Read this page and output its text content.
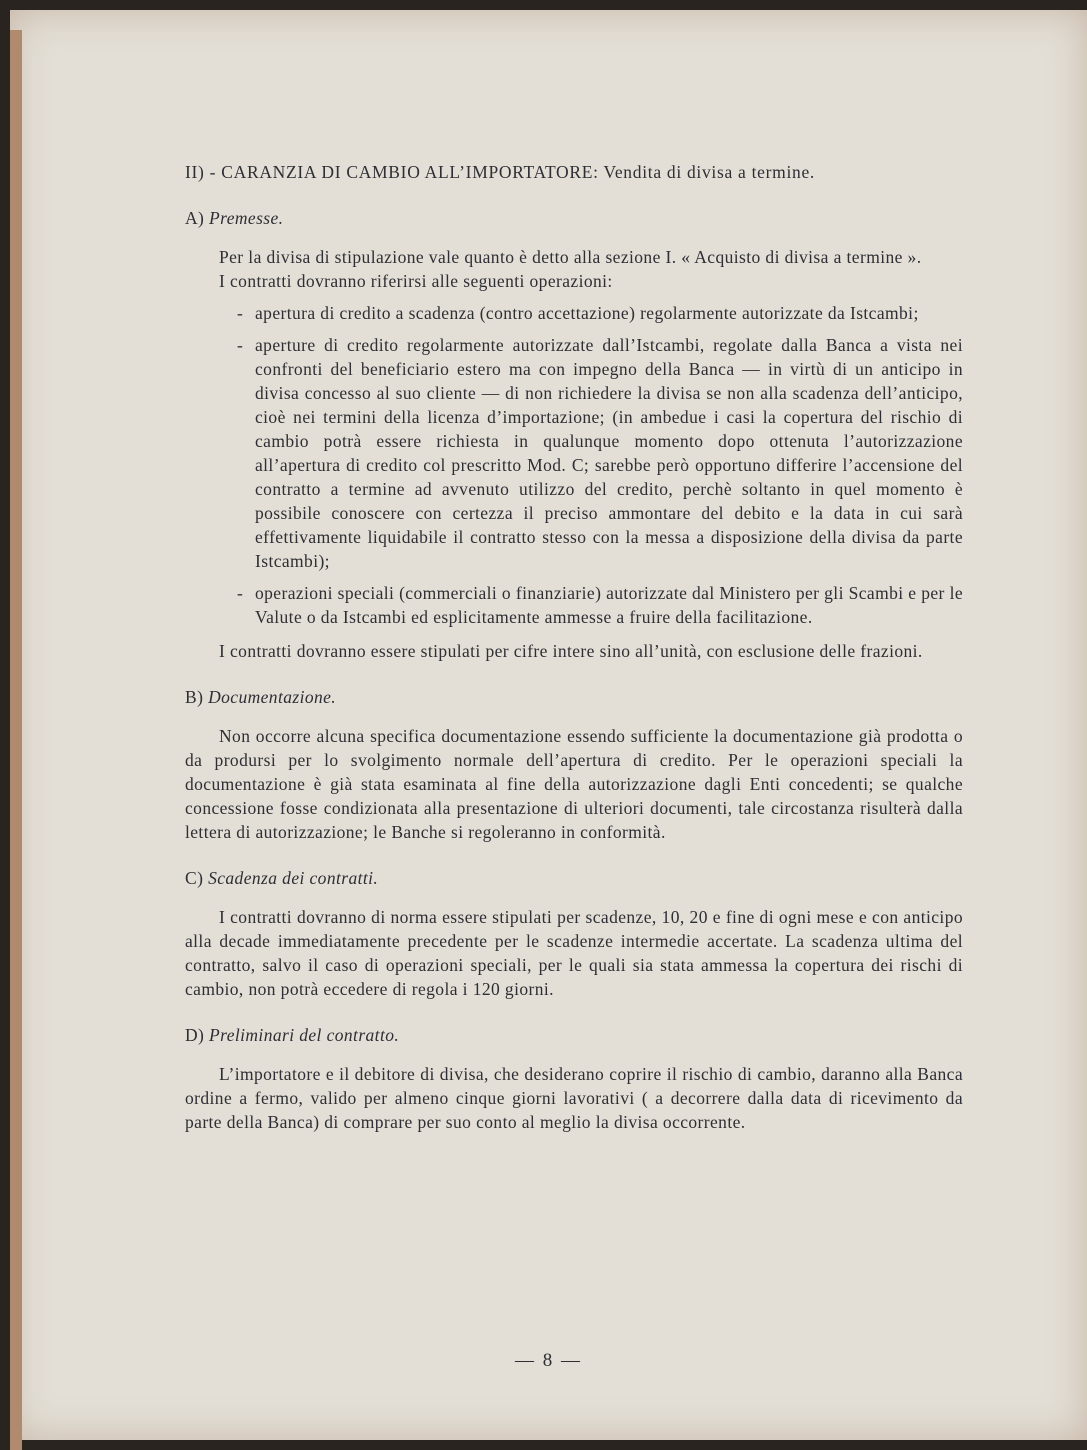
II) - CARANZIA DI CAMBIO ALL’IMPORTATORE: Vendita di divisa a termine.

A) Premesse.

Per la divisa di stipulazione vale quanto è detto alla sezione I. « Acquisto di divisa a termine ».

I contratti dovranno riferirsi alle seguenti operazioni:

- apertura di credito a scadenza (contro accettazione) regolarmente autorizzate da Istcambi;

- aperture di credito regolarmente autorizzate dall’Istcambi, regolate dalla Banca a vista nei confronti del beneficiario estero ma con impegno della Banca — in virtù di un anticipo in divisa concesso al suo cliente — di non richiedere la divisa se non alla scadenza dell’anticipo, cioè nei termini della licenza d’importazione; (in ambedue i casi la copertura del rischio di cambio potrà essere richiesta in qualunque momento dopo ottenuta l’autorizzazione all’apertura di credito col prescritto Mod. C; sarebbe però opportuno differire l’accensione del contratto a termine ad avvenuto utilizzo del credito, perchè soltanto in quel momento è possibile conoscere con certezza il preciso ammontare del debito e la data in cui sarà effettivamente liquidabile il contratto stesso con la messa a disposizione della divisa da parte Istcambi);

- operazioni speciali (commerciali o finanziarie) autorizzate dal Ministero per gli Scambi e per le Valute o da Istcambi ed esplicitamente ammesse a fruire della facilitazione.

I contratti dovranno essere stipulati per cifre intere sino all’unità, con esclusione delle frazioni.

B) Documentazione.

Non occorre alcuna specifica documentazione essendo sufficiente la documentazione già prodotta o da prodursi per lo svolgimento normale dell’apertura di credito. Per le operazioni speciali la documentazione è già stata esaminata al fine della autorizzazione dagli Enti concedenti; se qualche concessione fosse condizionata alla presentazione di ulteriori documenti, tale circostanza risulterà dalla lettera di autorizzazione; le Banche si regoleranno in conformità.

C) Scadenza dei contratti.

I contratti dovranno di norma essere stipulati per scadenze, 10, 20 e fine di ogni mese e con anticipo alla decade immediatamente precedente per le scadenze intermedie accertate. La scadenza ultima del contratto, salvo il caso di operazioni speciali, per le quali sia stata ammessa la copertura dei rischi di cambio, non potrà eccedere di regola i 120 giorni.

D) Preliminari del contratto.

L’importatore e il debitore di divisa, che desiderano coprire il rischio di cambio, daranno alla Banca ordine a fermo, valido per almeno cinque giorni lavorativi ( a decorrere dalla data di ricevimento da parte della Banca) di comprare per suo conto al meglio la divisa occorrente.

— 8 —
